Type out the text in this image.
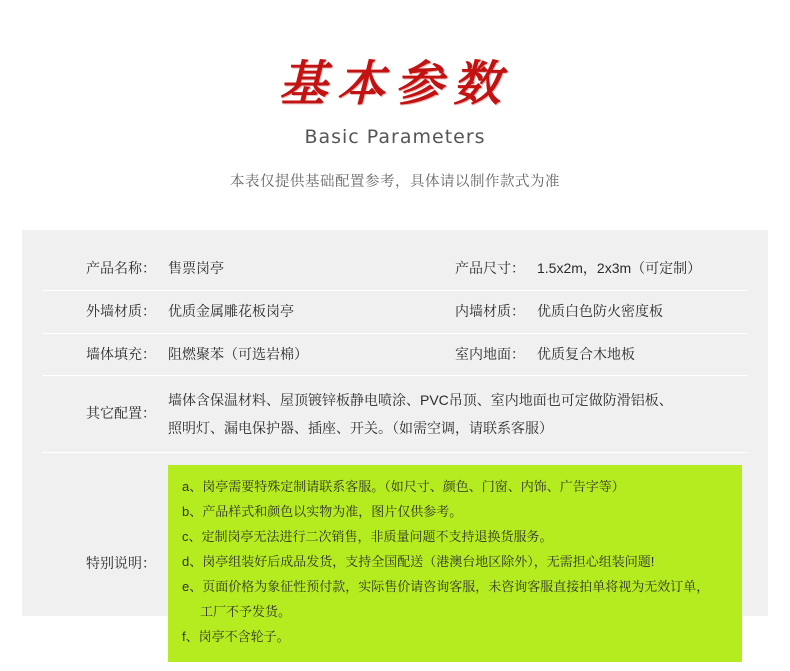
基本参数
Basic Parameters
本表仅提供基础配置参考，具体请以制作款式为准
产品名称：	售票岗亭	产品尺寸：	1.5x2m，2x3m（可定制）
外墙材质：	优质金属雕花板岗亭	内墙材质：	优质白色防火密度板
墙体填充：	阻燃聚苯（可选岩棉）	室内地面：	优质复合木地板
其它配置：	墙体含保温材料、屋顶镀锌板静电喷涂、PVC吊顶、室内地面也可定做防滑铝板、
照明灯、漏电保护器、插座、开关。（如需空调，请联系客服）		

特别说明：	
a、岗亭需要特殊定制请联系客服。（如尺寸、颜色、门窗、内饰、广告字等）
b、产品样式和颜色以实物为准，图片仅供参考。
c、定制岗亭无法进行二次销售，非质量问题不支持退换货服务。
d、岗亭组装好后成品发货，支持全国配送（港澳台地区除外），无需担心组装问题!
e、页面价格为象征性预付款，实际售价请咨询客服，未咨询客服直接拍单将视为无效订单，
工厂不予发货。
f、岗亭不含轮子。
